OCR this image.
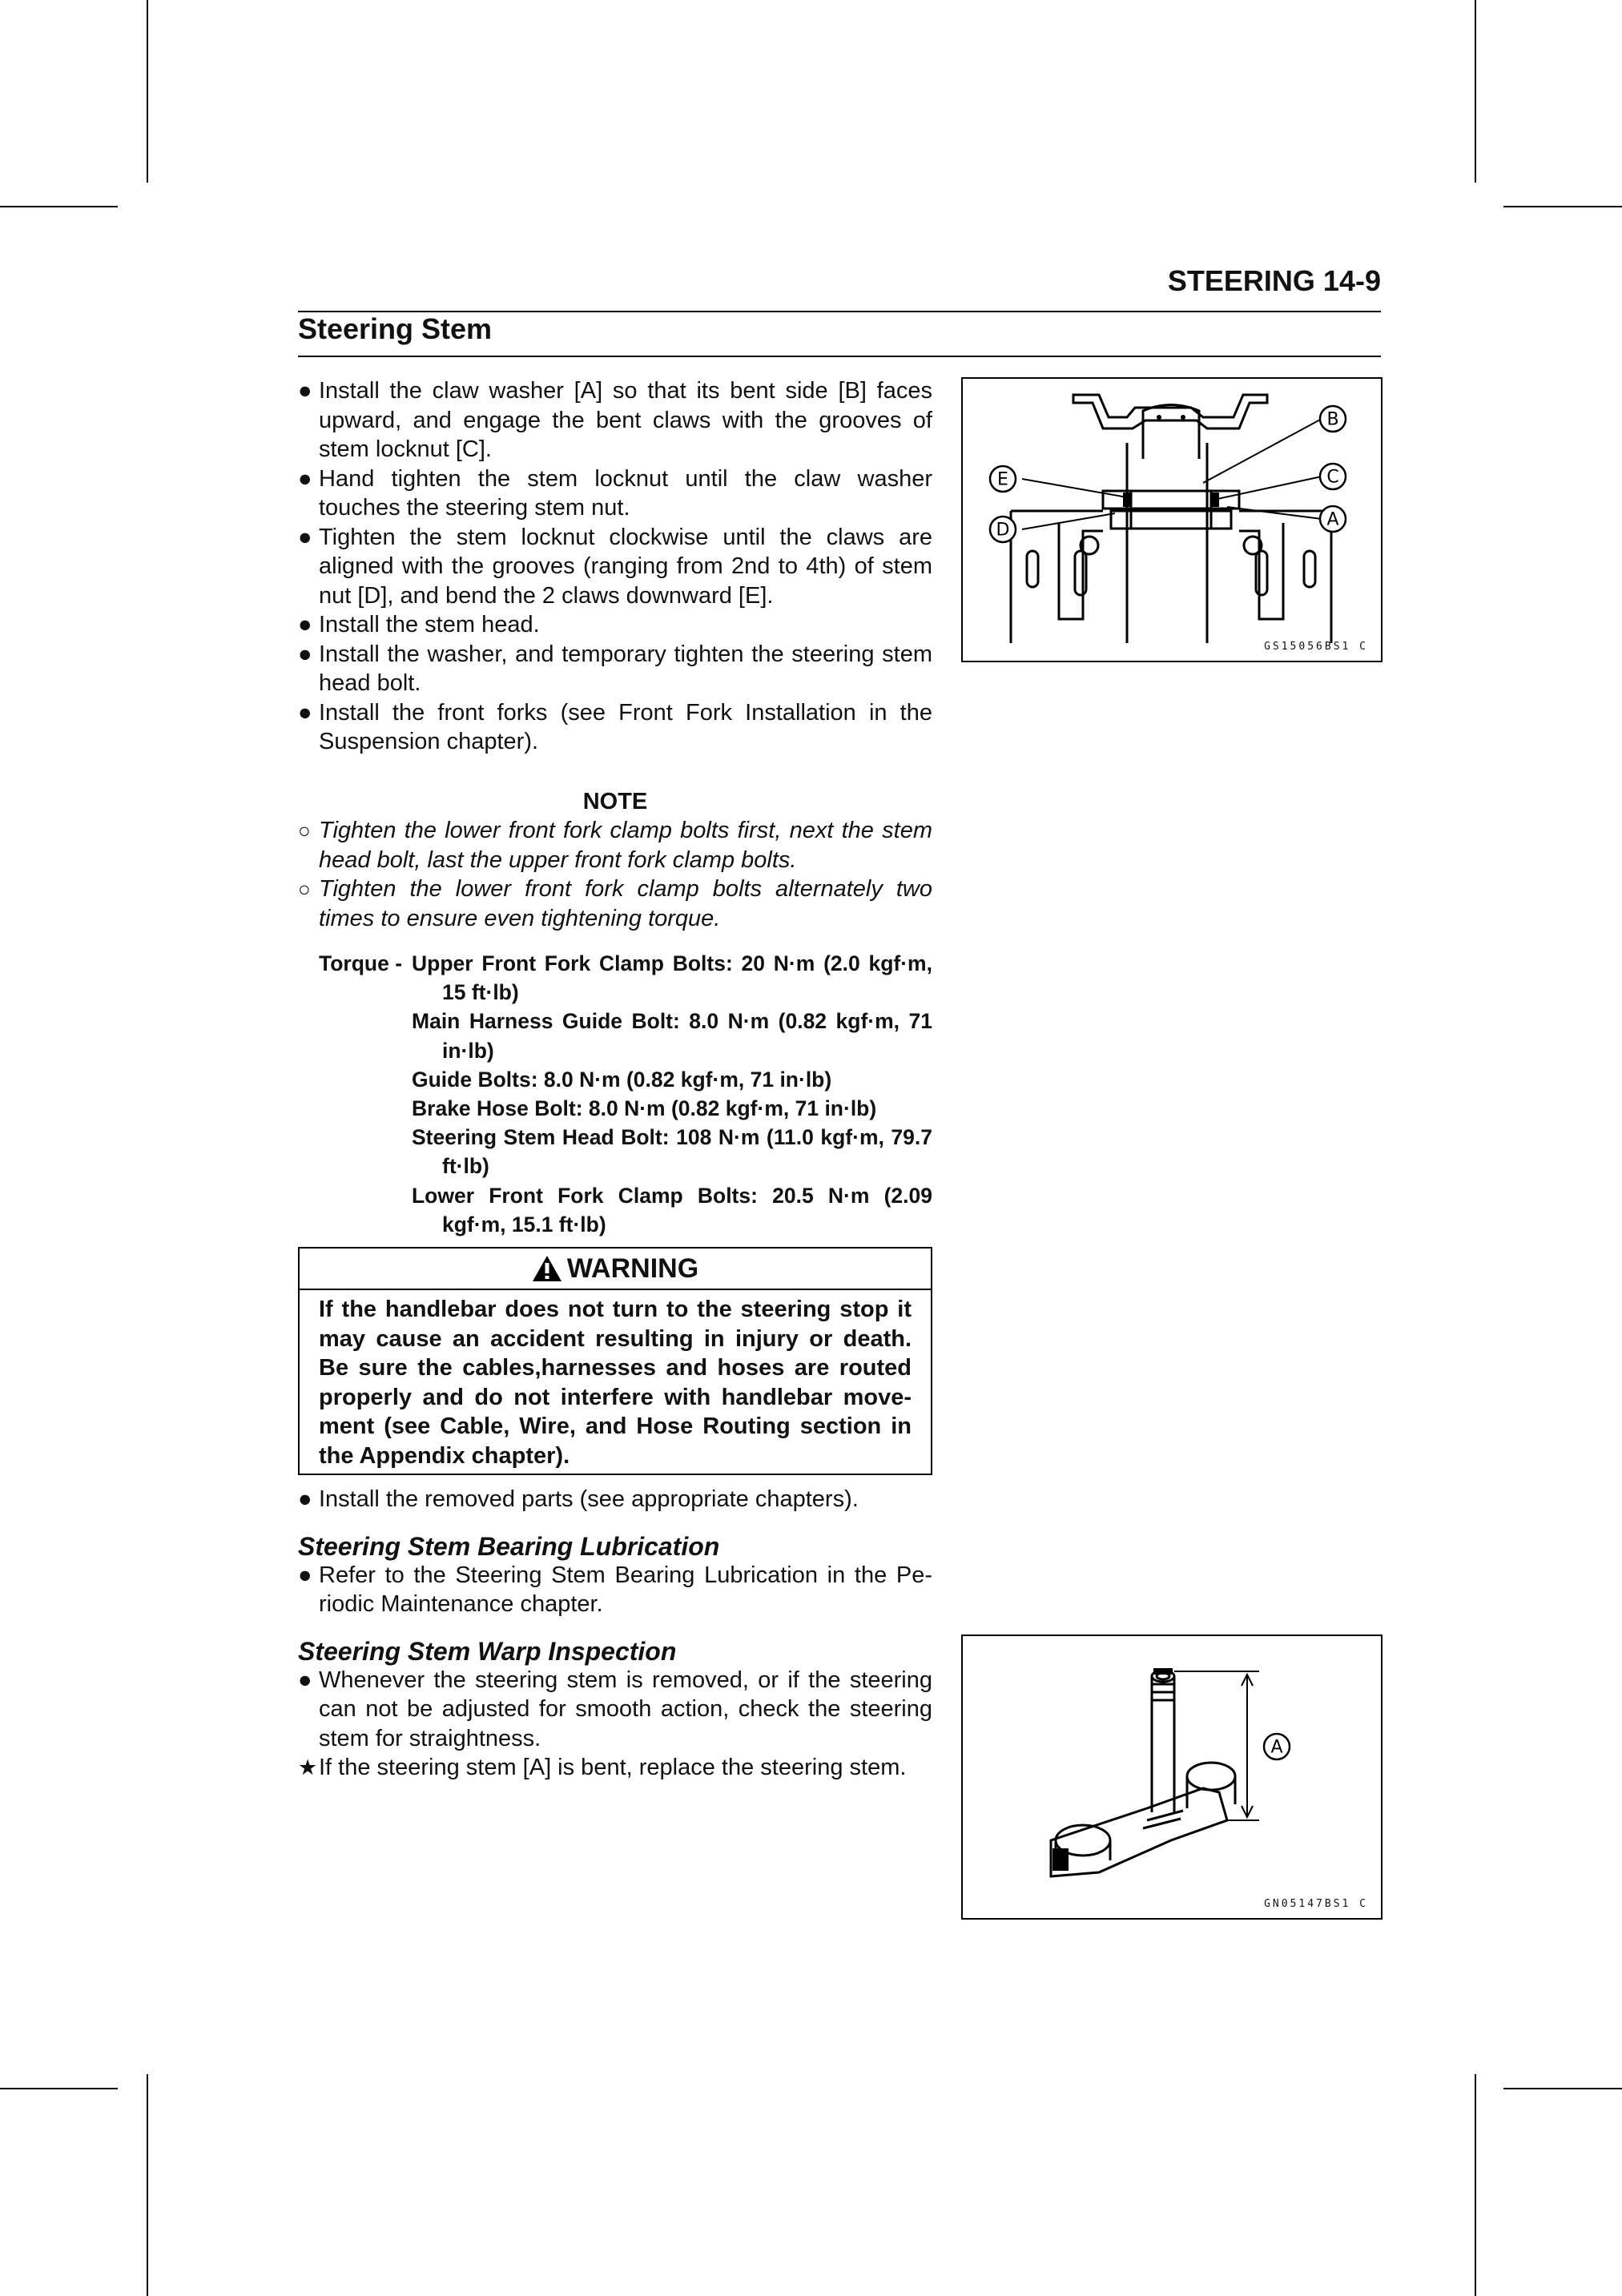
STEERING 14-9
Steering Stem
● Install the claw washer [A] so that its bent side [B] faces upward, and engage the bent claws with the grooves of stem locknut [C].
● Hand tighten the stem locknut until the claw washer touches the steering stem nut.
● Tighten the stem locknut clockwise until the claws are aligned with the grooves (ranging from 2nd to 4th) of stem nut [D], and bend the 2 claws downward [E].
● Install the stem head.
● Install the washer, and temporary tighten the steering stem head bolt.
● Install the front forks (see Front Fork Installation in the Suspension chapter).
NOTE
○ Tighten the lower front fork clamp bolts first, next the stem head bolt, last the upper front fork clamp bolts.
○ Tighten the lower front fork clamp bolts alternately two times to ensure even tightening torque.
Torque - Upper Front Fork Clamp Bolts: 20 N·m (2.0 kgf·m, 15 ft·lb)
Main Harness Guide Bolt: 8.0 N·m (0.82 kgf·m, 71 in·lb)
Guide Bolts: 8.0 N·m (0.82 kgf·m, 71 in·lb)
Brake Hose Bolt: 8.0 N·m (0.82 kgf·m, 71 in·lb)
Steering Stem Head Bolt: 108 N·m (11.0 kgf·m, 79.7 ft·lb)
Lower Front Fork Clamp Bolts: 20.5 N·m (2.09 kgf·m, 15.1 ft·lb)
WARNING
If the handlebar does not turn to the steering stop it may cause an accident resulting in injury or death. Be sure the cables,harnesses and hoses are routed properly and do not interfere with handlebar move-ment (see Cable, Wire, and Hose Routing section in the Appendix chapter).
● Install the removed parts (see appropriate chapters).
Steering Stem Bearing Lubrication
● Refer to the Steering Stem Bearing Lubrication in the Pe-riodic Maintenance chapter.
Steering Stem Warp Inspection
● Whenever the steering stem is removed, or if the steering can not be adjusted for smooth action, check the steering stem for straightness.
★ If the steering stem [A] is bent, replace the steering stem.
B
C
A
E
D
GS15056BS1 C
A
GN05147BS1 C
